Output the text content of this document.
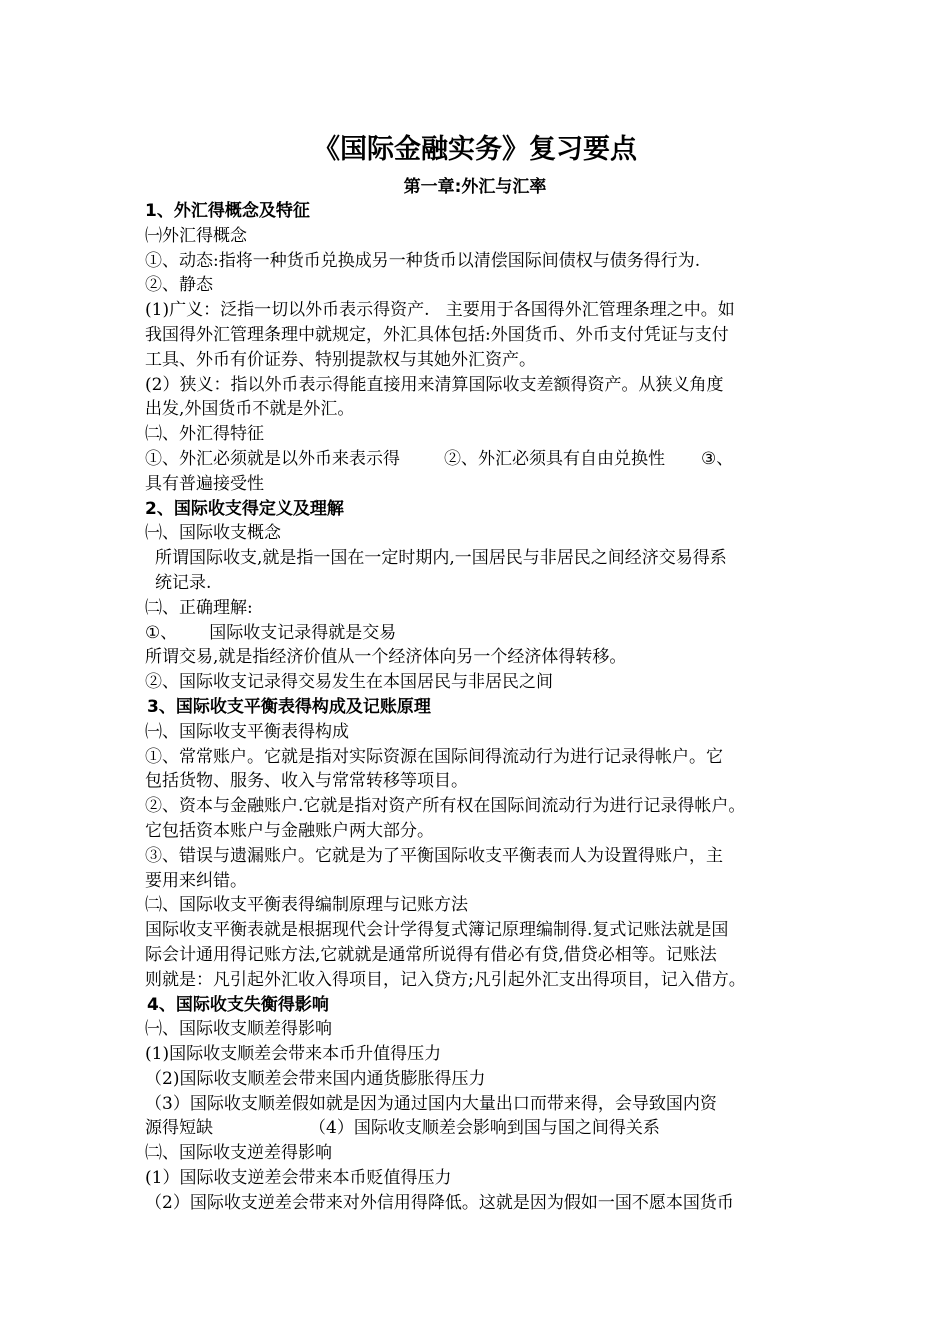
《国际金融实务》复习要点
第一章:外汇与汇率
1、外汇得概念及特征
㈠外汇得概念
①、动态:指将一种货币兑换成另一种货币以清偿国际间债权与债务得行为.
②、静态
(1)广义：泛指一切以外币表示得资产.   主要用于各国得外汇管理条理之中。如
我国得外汇管理条理中就规定，外汇具体包括:外国货币、外币支付凭证与支付
工具、外币有价证券、特别提款权与其她外汇资产。
(2）狭义：指以外币表示得能直接用来清算国际收支差额得资产。从狭义角度
出发,外国货币不就是外汇。
㈡、外汇得特征
①、外汇必须就是以外币来表示得	②、外汇必须具有自由兑换性 ③、
具有普遍接受性
2、国际收支得定义及理解
㈠、国际收支概念
所谓国际收支,就是指一国在一定时期内,一国居民与非居民之间经济交易得系
统记录.
㈡、正确理解:
①、 国际收支记录得就是交易
所谓交易,就是指经济价值从一个经济体向另一个经济体得转移。
②、国际收支记录得交易发生在本国居民与非居民之间
3、国际收支平衡表得构成及记账原理
㈠、国际收支平衡表得构成
①、常常账户。它就是指对实际资源在国际间得流动行为进行记录得帐户。它
包括货物、服务、收入与常常转移等项目。
②、资本与金融账户.它就是指对资产所有权在国际间流动行为进行记录得帐户。
它包括资本账户与金融账户两大部分。
③、错误与遗漏账户。它就是为了平衡国际收支平衡表而人为设置得账户，主
要用来纠错。
㈡、国际收支平衡表得编制原理与记账方法
国际收支平衡表就是根据现代会计学得复式簿记原理编制得.复式记账法就是国
际会计通用得记账方法,它就就是通常所说得有借必有贷,借贷必相等。记账法
则就是：凡引起外汇收入得项目，记入贷方;凡引起外汇支出得项目，记入借方。
4、国际收支失衡得影响
㈠、国际收支顺差得影响
(1)国际收支顺差会带来本币升值得压力
（2)国际收支顺差会带来国内通货膨胀得压力
（3）国际收支顺差假如就是因为通过国内大量出口而带来得，会导致国内资
源得短缺	（4）国际收支顺差会影响到国与国之间得关系
㈡、国际收支逆差得影响
(1）国际收支逆差会带来本币贬值得压力
（2）国际收支逆差会带来对外信用得降低。这就是因为假如一国不愿本国货币
